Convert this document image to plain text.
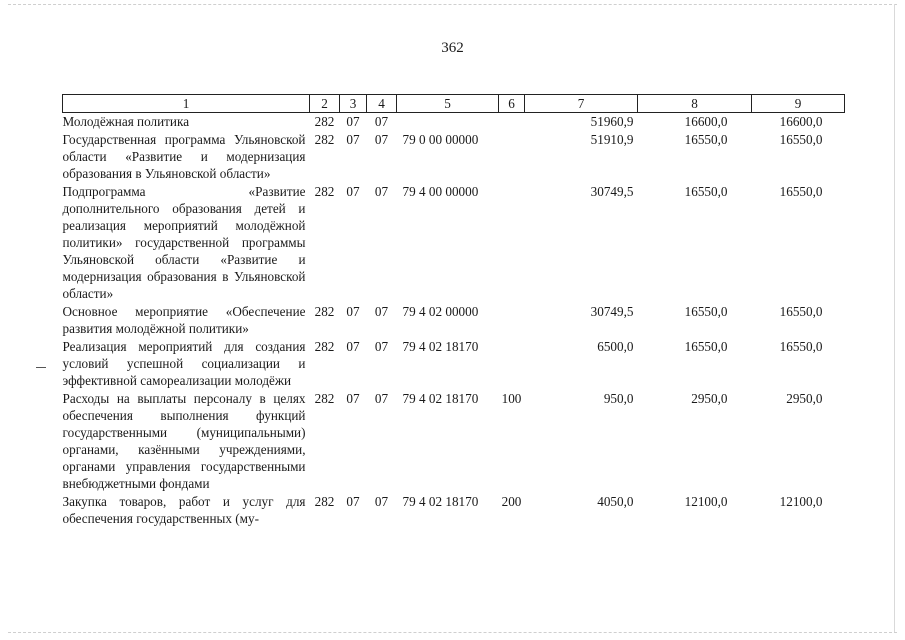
362
1	2	3	4	5	6	7	8	9
Молодёжная политика	282	07	07			51960,9	16600,0	16600,0
Государственная программа Ульяновской области «Развитие и модернизация образования в Ульяновской области»	282	07	07	79 0 00 00000		51910,9	16550,0	16550,0
Подпрограмма «Развитие дополнительного образования детей и реализация мероприятий молодёжной политики» государственной программы Ульяновской области «Развитие и модернизация образования в Ульяновской области»	282	07	07	79 4 00 00000		30749,5	16550,0	16550,0
Основное мероприятие «Обеспечение развития молодёжной политики»	282	07	07	79 4 02 00000		30749,5	16550,0	16550,0
Реализация мероприятий для создания условий успешной социализации и эффективной самореализации молодёжи	282	07	07	79 4 02 18170		6500,0	16550,0	16550,0
Расходы на выплаты персоналу в целях обеспечения выполнения функций государственными (муниципальными) органами, казёнными учреждениями, органами управления государственными внебюджетными фондами	282	07	07	79 4 02 18170	100	950,0	2950,0	2950,0
Закупка товаров, работ и услуг для обеспечения государственных (му-	282	07	07	79 4 02 18170	200	4050,0	12100,0	12100,0
